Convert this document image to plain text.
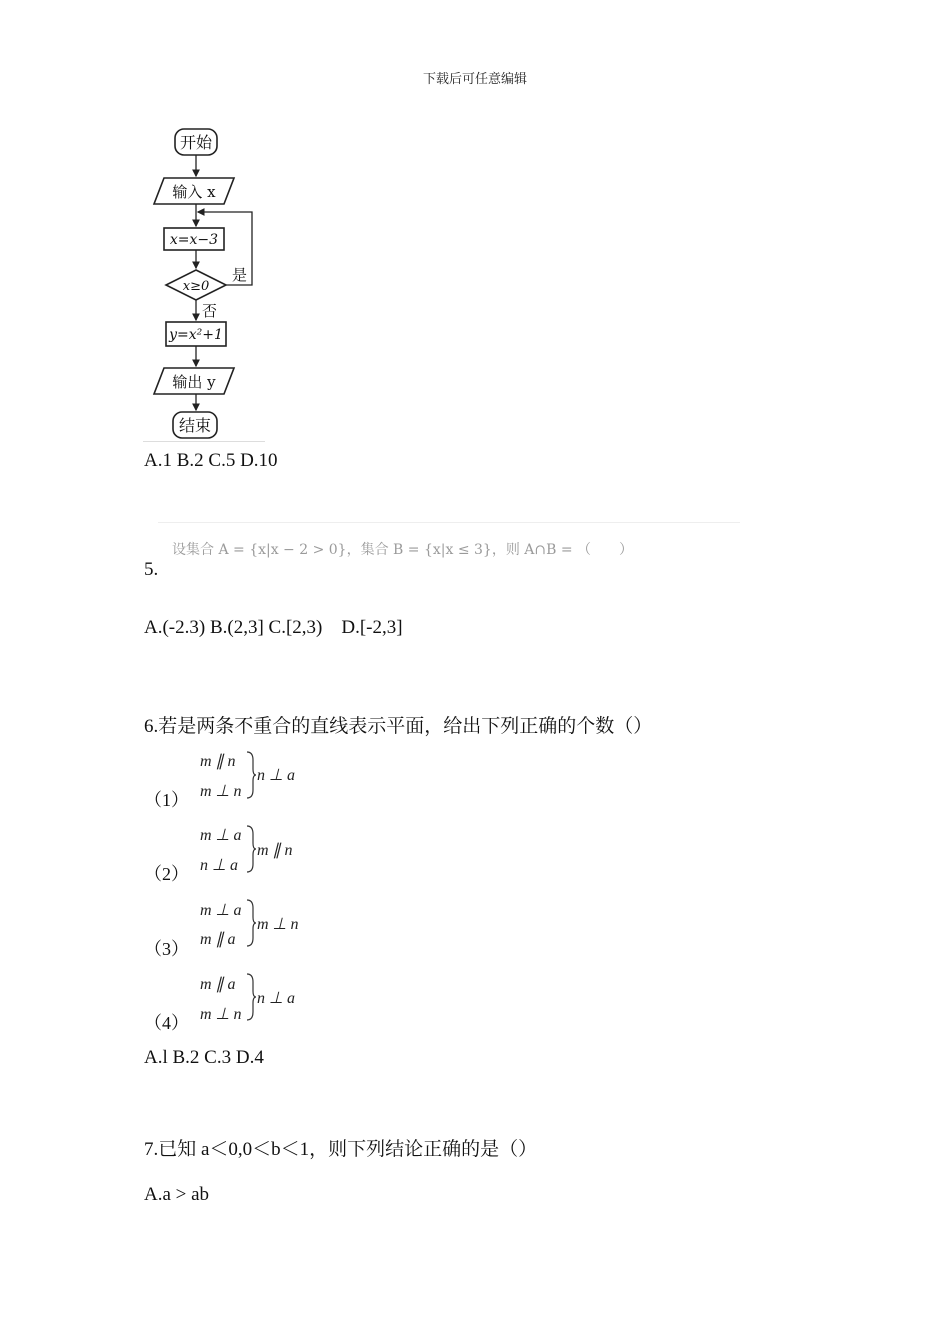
下载后可任意编辑
开始
输入 x
x=x−3
x≥0
是
否
y=x²+1
输出 y
结束
A.1 B.2 C.5 D.10
设集合 A = {x|x − 2 > 0}，集合 B = {x|x ≤ 3}，则 A∩B = （　　）
5.
A.(-2.3) B.(2,3] C.[2,3)　D.[-2,3]
6.若是两条不重合的直线表示平面，给出下列正确的个数（）
（1）
m ∥ n
m ⊥ n
n ⊥ a
（2）
m ⊥ a
n ⊥ a
m ∥ n
（3）
m ⊥ a
m ∥ a
m ⊥ n
（4）
m ∥ a
m ⊥ n
n ⊥ a
A.l B.2 C.3 D.4
7.已知 a＜0,0＜b＜1，则下列结论正确的是（）
A.a > ab
